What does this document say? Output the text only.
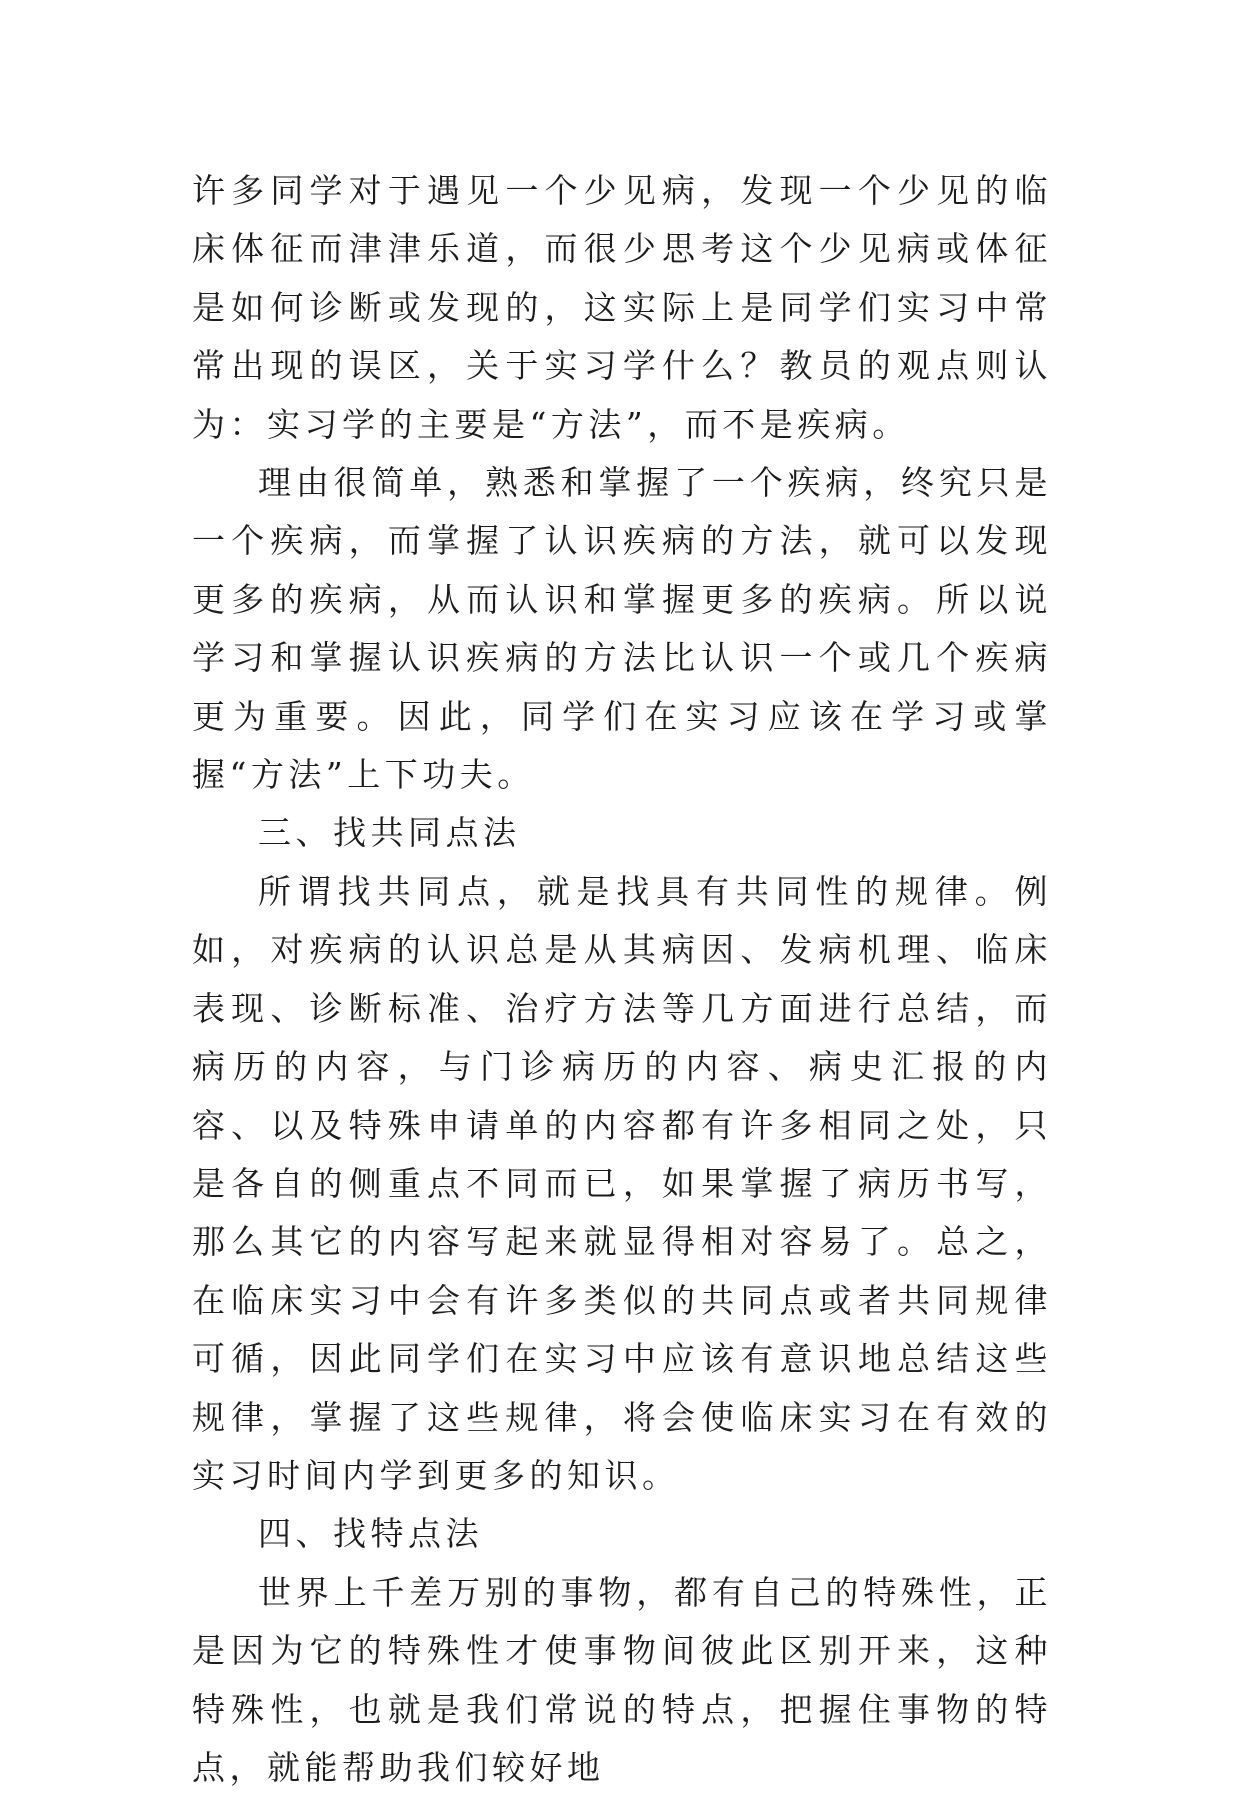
许多同学对于遇见一个少见病，发现一个少见的临床体征而津津乐道，而很少思考这个少见病或体征是如何诊断或发现的，这实际上是同学们实习中常常出现的误区，关于实习学什么？教员的观点则认为：实习学的主要是“方法”，而不是疾病。

理由很简单，熟悉和掌握了一个疾病，终究只是一个疾病，而掌握了认识疾病的方法，就可以发现更多的疾病，从而认识和掌握更多的疾病。所以说学习和掌握认识疾病的方法比认识一个或几个疾病更为重要。因此，同学们在实习应该在学习或掌握“方法”上下功夫。

三、找共同点法

所谓找共同点，就是找具有共同性的规律。例如，对疾病的认识总是从其病因、发病机理、临床表现、诊断标准、治疗方法等几方面进行总结，而病历的内容，与门诊病历的内容、病史汇报的内容、以及特殊申请单的内容都有许多相同之处，只是各自的侧重点不同而已，如果掌握了病历书写，那么其它的内容写起来就显得相对容易了。总之，在临床实习中会有许多类似的共同点或者共同规律可循，因此同学们在实习中应该有意识地总结这些规律，掌握了这些规律，将会使临床实习在有效的实习时间内学到更多的知识。

四、找特点法

世界上千差万别的事物，都有自己的特殊性，正是因为它的特殊性才使事物间彼此区别开来，这种特殊性，也就是我们常说的特点，把握住事物的特点，就能帮助我们较好地
